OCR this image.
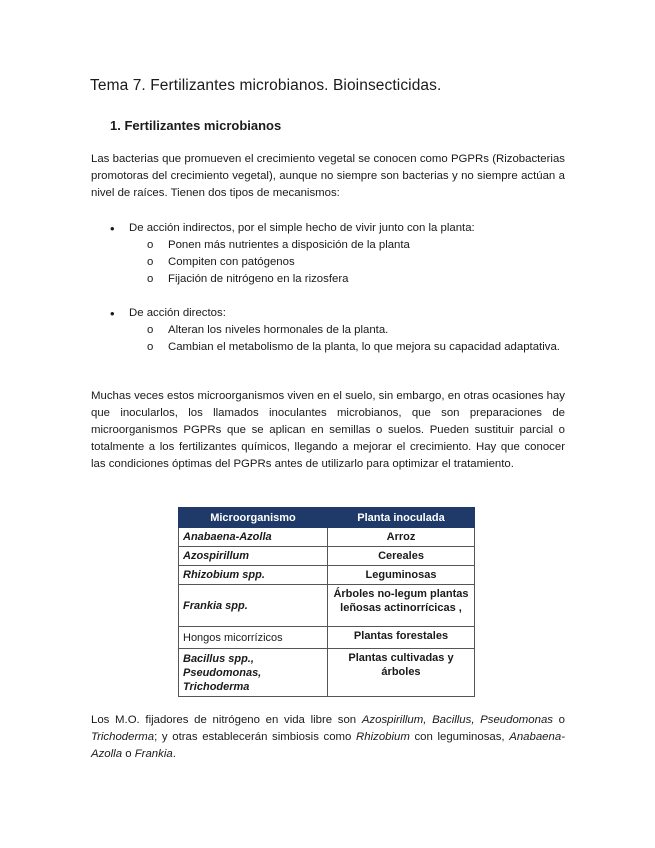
Tema 7. Fertilizantes microbianos. Bioinsecticidas.
1. Fertilizantes microbianos
Las bacterias que promueven el crecimiento vegetal se conocen como PGPRs (Rizobacterias promotoras del crecimiento vegetal), aunque no siempre son bacterias y no siempre actúan a nivel de raíces. Tienen dos tipos de mecanismos:
• De acción indirectos, por el simple hecho de vivir junto con la planta:
o Ponen más nutrientes a disposición de la planta
o Compiten con patógenos
o Fijación de nitrógeno en la rizosfera
• De acción directos:
o Alteran los niveles hormonales de la planta.
o Cambian el metabolismo de la planta, lo que mejora su capacidad adaptativa.
Muchas veces estos microorganismos viven en el suelo, sin embargo, en otras ocasiones hay que inocularlos, los llamados inoculantes microbianos, que son preparaciones de microorganismos PGPRs que se aplican en semillas o suelos. Pueden sustituir parcial o totalmente a los fertilizantes químicos, llegando a mejorar el crecimiento. Hay que conocer las condiciones óptimas del PGPRs antes de utilizarlo para optimizar el tratamiento.
Microorganismo	Planta inoculada
Anabaena-Azolla	Arroz
Azospirillum	Cereales
Rhizobium spp.	Leguminosas
Frankia spp.	Árboles no-legum plantas leñosas actinorrícicas ,
Hongos micorrízicos	Plantas forestales
Bacillus spp., Pseudomonas, Trichoderma	Plantas cultivadas y árboles
Los M.O. fijadores de nitrógeno en vida libre son Azospirillum, Bacillus, Pseudomonas o Trichoderma; y otras establecerán simbiosis como Rhizobium con leguminosas, Anabaena-Azolla o Frankia.
